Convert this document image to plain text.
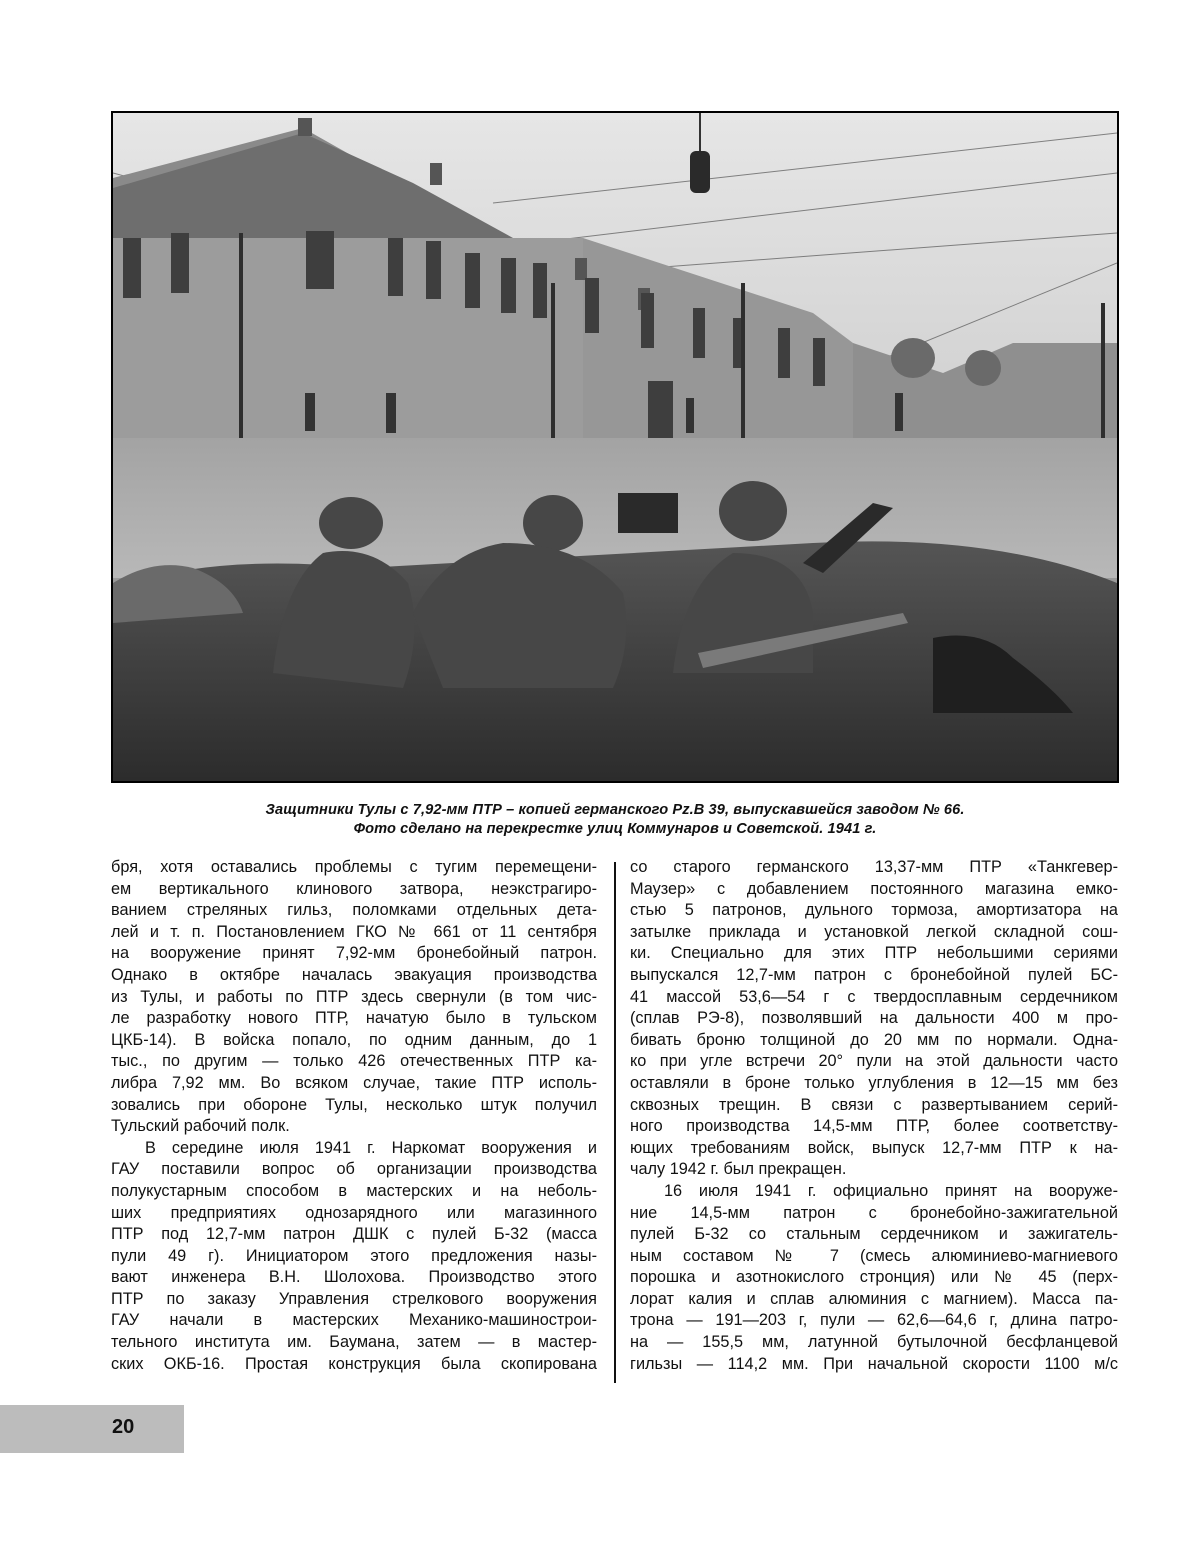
Защитники Тулы с 7,92-мм ПТР – копией германского Pz.B 39, выпускавшейся заводом № 66.
Фото сделано на перекрестке улиц Коммунаров и Советской. 1941 г.
бря, хотя оставались проблемы с тугим перемещени-
ем вертикального клинового затвора, неэкстрагиро-
ванием стреляных гильз, поломками отдельных дета-
лей и т. п. Постановлением ГКО № 661 от 11 сентября
на вооружение принят 7,92-мм бронебойный патрон.
Однако в октябре началась эвакуация производства
из Тулы, и работы по ПТР здесь свернули (в том чис-
ле разработку нового ПТР, начатую было в тульском
ЦКБ-14). В войска попало, по одним данным, до 1
тыс., по другим — только 426 отечественных ПТР ка-
либра 7,92 мм. Во всяком случае, такие ПТР исполь-
зовались при обороне Тулы, несколько штук получил
Тульский рабочий полк.
В середине июля 1941 г. Наркомат вооружения и
ГАУ поставили вопрос об организации производства
полукустарным способом в мастерских и на неболь-
ших предприятиях однозарядного или магазинного
ПТР под 12,7-мм патрон ДШК с пулей Б-32 (масса
пули 49 г). Инициатором этого предложения назы-
вают инженера В.Н. Шолохова. Производство этого
ПТР по заказу Управления стрелкового вооружения
ГАУ начали в мастерских Механико-машинострои-
тельного института им. Баумана, затем — в мастер-
ских ОКБ-16. Простая конструкция была скопирована
со старого германского 13,37-мм ПТР «Танкгевер-
Маузер» с добавлением постоянного магазина емко-
стью 5 патронов, дульного тормоза, амортизатора на
затылке приклада и установкой легкой складной сош-
ки. Специально для этих ПТР небольшими сериями
выпускался 12,7-мм патрон с бронебойной пулей БС-
41 массой 53,6—54 г с твердосплавным сердечником
(сплав РЭ-8), позволявший на дальности 400 м про-
бивать броню толщиной до 20 мм по нормали. Одна-
ко при угле встречи 20° пули на этой дальности часто
оставляли в броне только углубления в 12—15 мм без
сквозных трещин. В связи с развертыванием серий-
ного производства 14,5-мм ПТР, более соответству-
ющих требованиям войск, выпуск 12,7-мм ПТР к на-
чалу 1942 г. был прекращен.
16 июля 1941 г. официально принят на вооруже-
ние 14,5-мм патрон с бронебойно-зажигательной
пулей Б-32 со стальным сердечником и зажигатель-
ным составом № 7 (смесь алюминиево-магниевого
порошка и азотнокислого стронция) или № 45 (перх-
лорат калия и сплав алюминия с магнием). Масса па-
трона — 191—203 г, пули — 62,6—64,6 г, длина патро-
на — 155,5 мм, латунной бутылочной бесфланцевой
гильзы — 114,2 мм. При начальной скорости 1100 м/с
20
